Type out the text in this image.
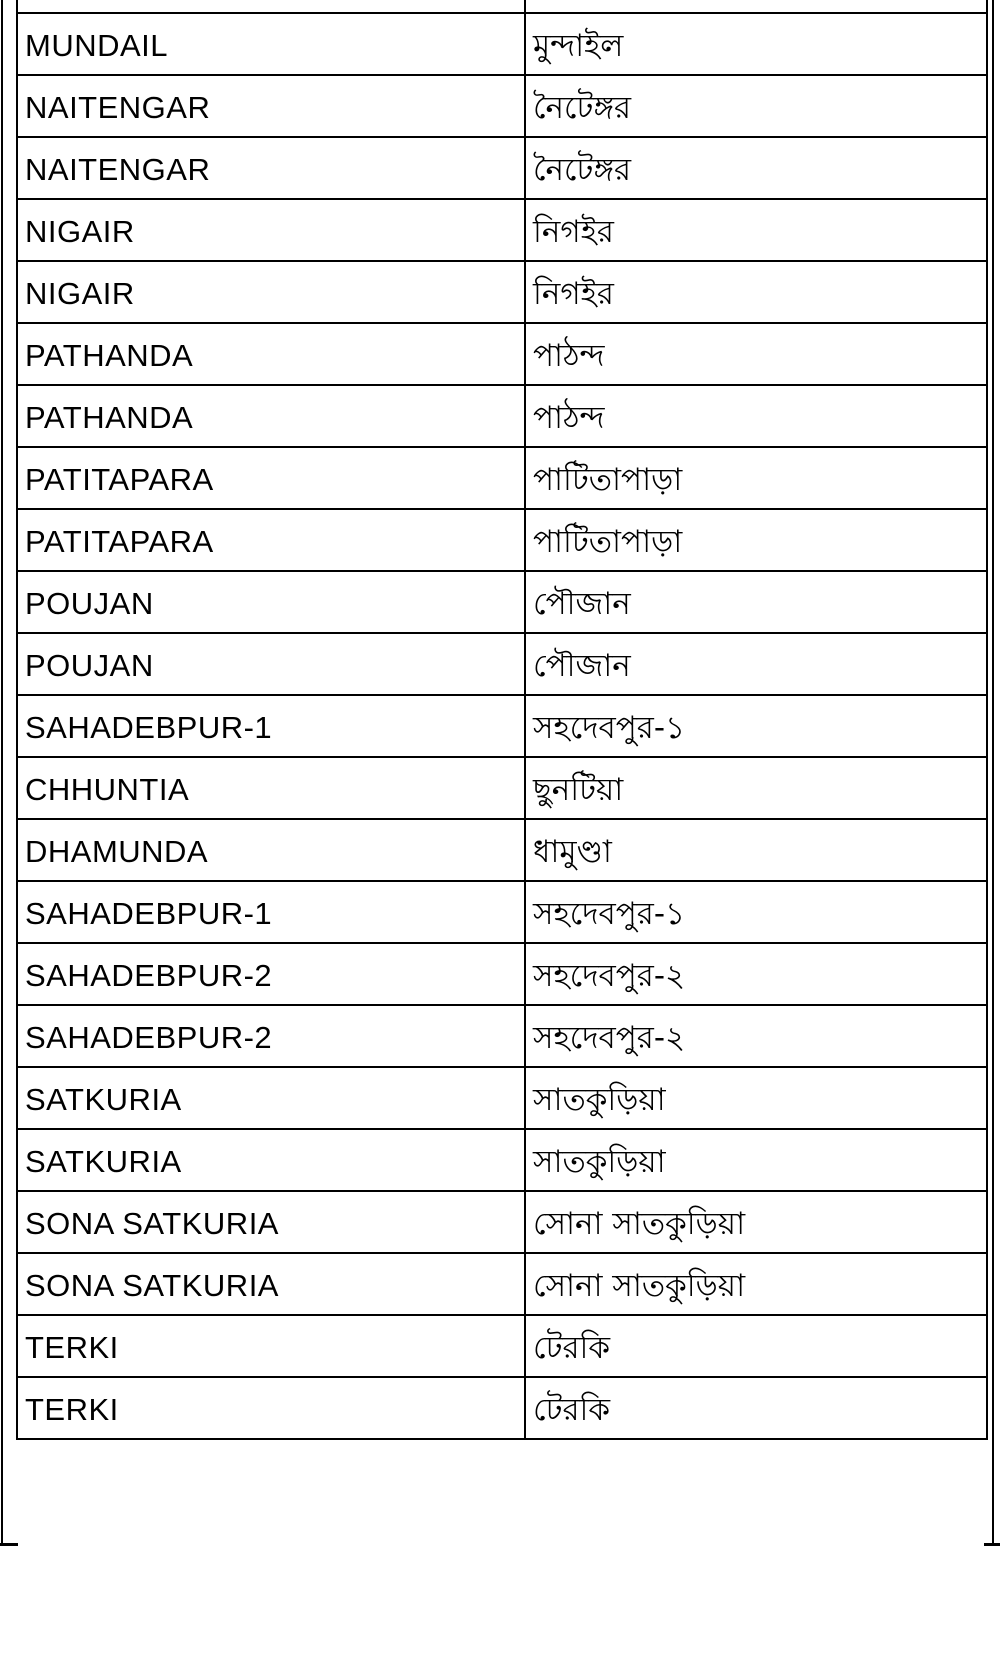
MUNDAIL	মুন্দাইল
NAITENGAR	নৈটেঙ্গর
NAITENGAR	নৈটেঙ্গর
NIGAIR	নিগইর
NIGAIR	নিগইর
PATHANDA	পাঠন্দ
PATHANDA	পাঠন্দ
PATITAPARA	পাটিতাপাড়া
PATITAPARA	পাটিতাপাড়া
POUJAN	পৌজান
POUJAN	পৌজান
SAHADEBPUR-1	সহদেবপুর-১
CHHUNTIA	ছুনটিয়া
DHAMUNDA	ধামুণ্ডা
SAHADEBPUR-1	সহদেবপুর-১
SAHADEBPUR-2	সহদেবপুর-২
SAHADEBPUR-2	সহদেবপুর-২
SATKURIA	সাতকুড়িয়া
SATKURIA	সাতকুড়িয়া
SONA SATKURIA	সোনা সাতকুড়িয়া
SONA SATKURIA	সোনা সাতকুড়িয়া
TERKI	টেরকি
TERKI	টেরকি
